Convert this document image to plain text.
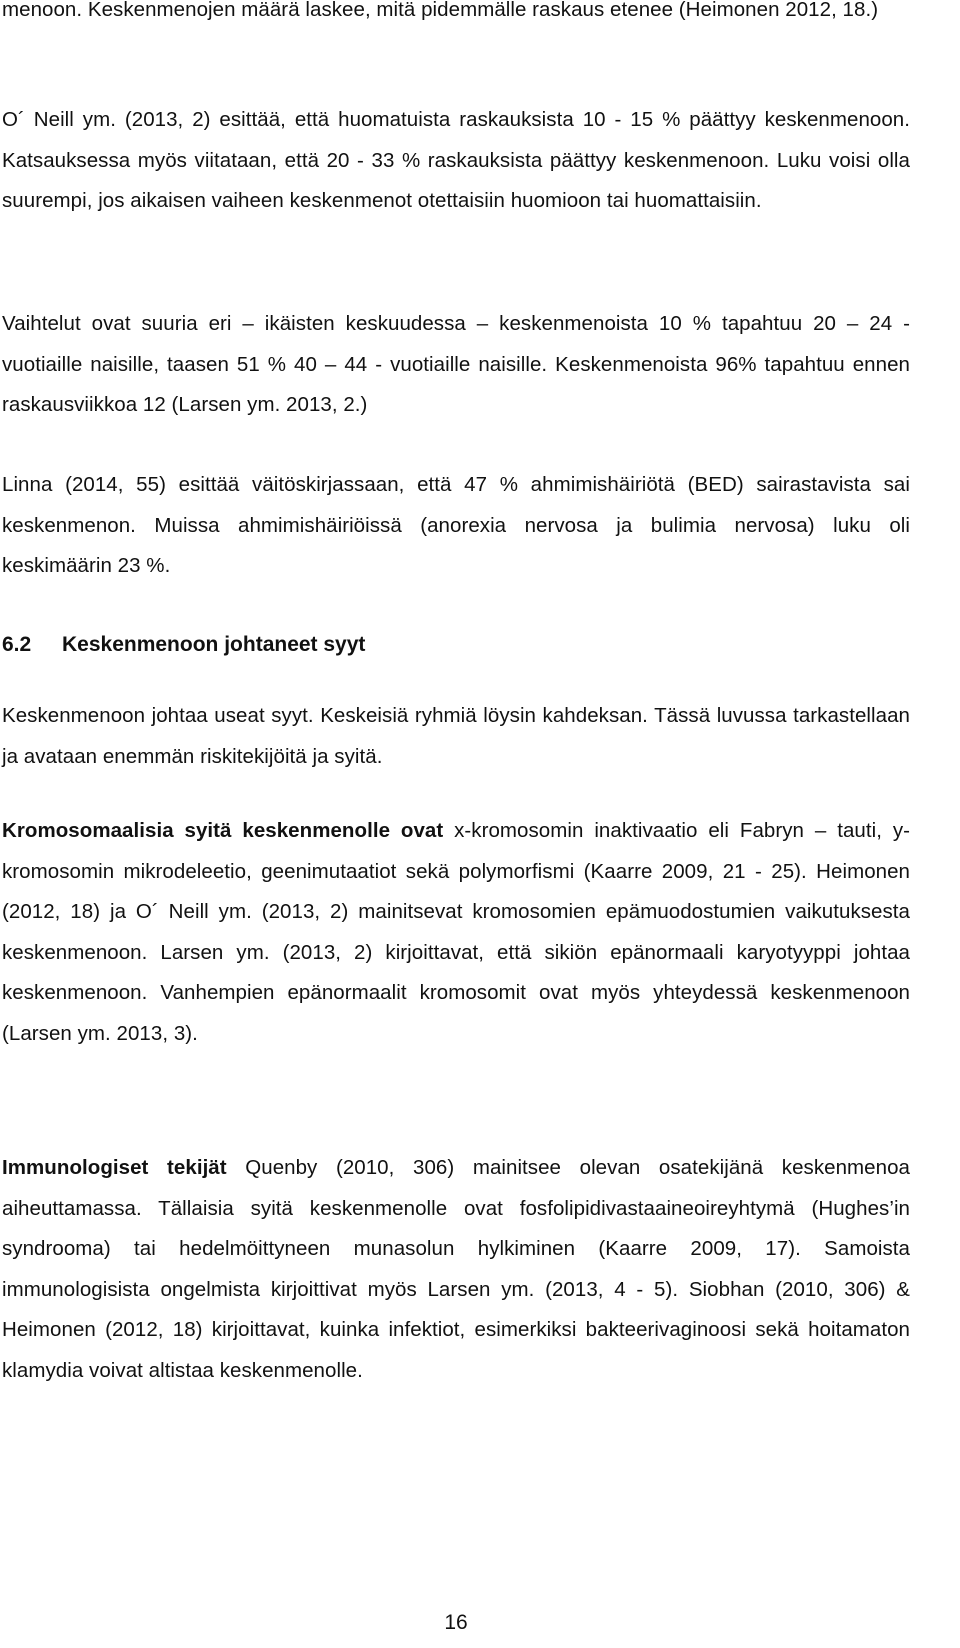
menoon. Keskenmenojen määrä laskee, mitä pidemmälle raskaus etenee (Heimonen 2012, 18.)

O´ Neill ym. (2013, 2) esittää, että huomatuista raskauksista 10 - 15 % päättyy keskenmenoon. Katsauksessa myös viitataan, että 20 - 33 % raskauksista päättyy keskenmenoon. Luku voisi olla suurempi, jos aikaisen vaiheen keskenmenot otettaisiin huomioon tai huomattaisiin.

Vaihtelut ovat suuria eri – ikäisten keskuudessa – keskenmenoista 10 % tapahtuu 20 – 24 - vuotiaille naisille, taasen 51 % 40 – 44 - vuotiaille naisille. Keskenmenoista 96% tapahtuu ennen raskausviikkoa 12 (Larsen ym. 2013, 2.)

Linna (2014, 55) esittää väitöskirjassaan, että 47 % ahmimishäiriötä (BED) sairastavista sai keskenmenon. Muissa ahmimishäiriöissä (anorexia nervosa ja bulimia nervosa) luku oli keskimäärin 23 %.

6.2 Keskenmenoon johtaneet syyt

Keskenmenoon johtaa useat syyt. Keskeisiä ryhmiä löysin kahdeksan. Tässä luvussa tarkastellaan ja avataan enemmän riskitekijöitä ja syitä.

Kromosomaalisia syitä keskenmenolle ovat x-kromosomin inaktivaatio eli Fabryn – tauti, y-kromosomin mikrodeleetio, geenimutaatiot sekä polymorfismi (Kaarre 2009, 21 - 25). Heimonen (2012, 18) ja O´ Neill ym. (2013, 2) mainitsevat kromosomien epämuodostumien vaikutuksesta keskenmenoon. Larsen ym. (2013, 2) kirjoittavat, että sikiön epänormaali karyotyyppi johtaa keskenmenoon. Vanhempien epänormaalit kromosomit ovat myös yhteydessä keskenmenoon (Larsen ym. 2013, 3).

Immunologiset tekijät Quenby (2010, 306) mainitsee olevan osatekijänä keskenmenoa aiheuttamassa. Tällaisia syitä keskenmenolle ovat fosfolipidivastaaineoireyhtymä (Hughes’in syndrooma) tai hedelmöittyneen munasolun hylkiminen (Kaarre 2009, 17). Samoista immunologisista ongelmista kirjoittivat myös Larsen ym. (2013, 4 - 5). Siobhan (2010, 306) & Heimonen (2012, 18) kirjoittavat, kuinka infektiot, esimerkiksi bakteerivaginoosi sekä hoitamaton klamydia voivat altistaa keskenmenolle.

16
